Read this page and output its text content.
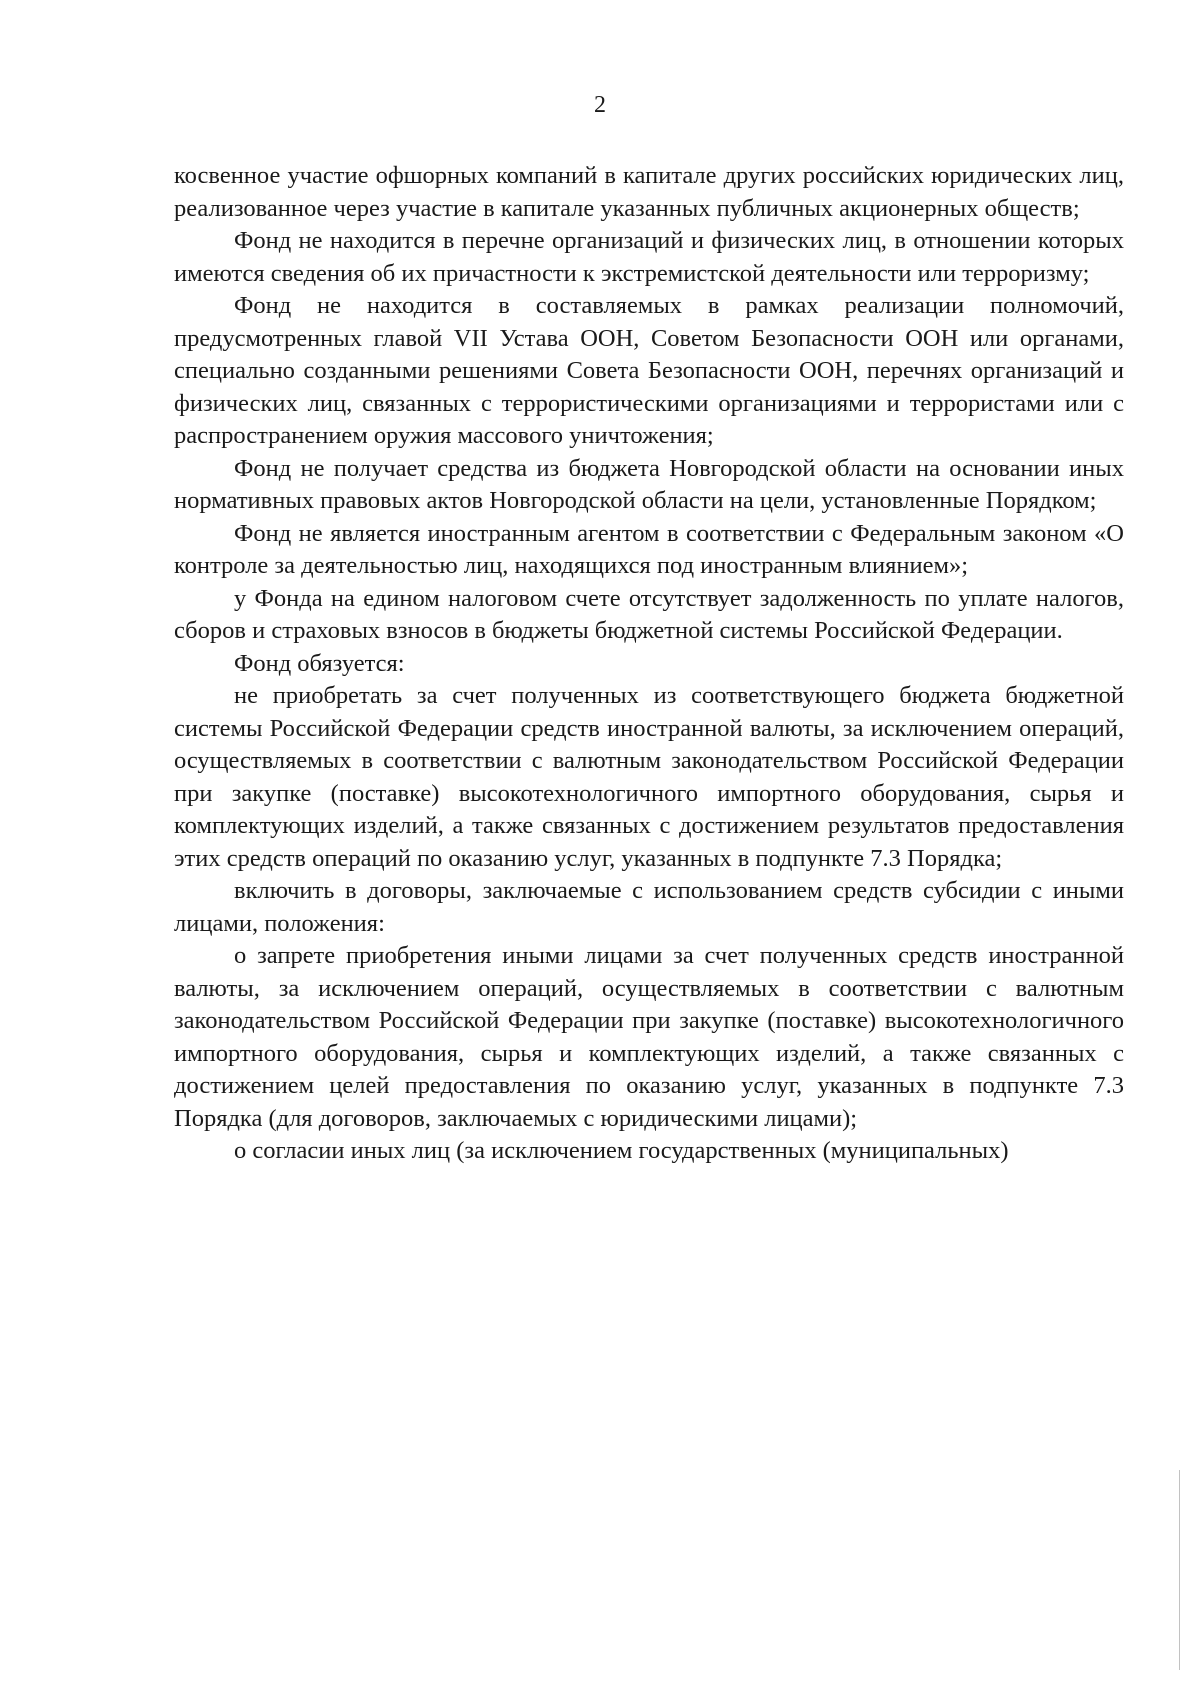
2

косвенное участие офшорных компаний в капитале других российских юридических лиц, реализованное через участие в капитале указанных публичных акционерных обществ;

Фонд не находится в перечне организаций и физических лиц, в отношении которых имеются сведения об их причастности к экстремистской деятельности или терроризму;

Фонд не находится в составляемых в рамках реализации полномочий, предусмотренных главой VII Устава ООН, Советом Безопасности ООН или органами, специально созданными решениями Совета Безопасности ООН, перечнях организаций и физических лиц, связанных с террористическими организациями и террористами или с распространением оружия массового уничтожения;

Фонд не получает средства из бюджета Новгородской области на основании иных нормативных правовых актов Новгородской области на цели, установленные Порядком;

Фонд не является иностранным агентом в соответствии с Федеральным законом «О контроле за деятельностью лиц, находящихся под иностранным влиянием»;

у Фонда на едином налоговом счете отсутствует задолженность по уплате налогов, сборов и страховых взносов в бюджеты бюджетной системы Российской Федерации.

Фонд обязуется:

не приобретать за счет полученных из соответствующего бюджета бюджетной системы Российской Федерации средств иностранной валюты, за исключением операций, осуществляемых в соответствии с валютным законодательством Российской Федерации при закупке (поставке) высокотехнологичного импортного оборудования, сырья и комплектующих изделий, а также связанных с достижением результатов предоставления этих средств операций по оказанию услуг, указанных в подпункте 7.3 Порядка;

включить в договоры, заключаемые с использованием средств субсидии с иными лицами, положения:

о запрете приобретения иными лицами за счет полученных средств иностранной валюты, за исключением операций, осуществляемых в соответствии с валютным законодательством Российской Федерации при закупке (поставке) высокотехнологичного импортного оборудования, сырья и комплектующих изделий, а также связанных с достижением целей предоставления по оказанию услуг, указанных в подпункте 7.3 Порядка (для договоров, заключаемых с юридическими лицами);

о согласии иных лиц (за исключением государственных (муниципальных)
